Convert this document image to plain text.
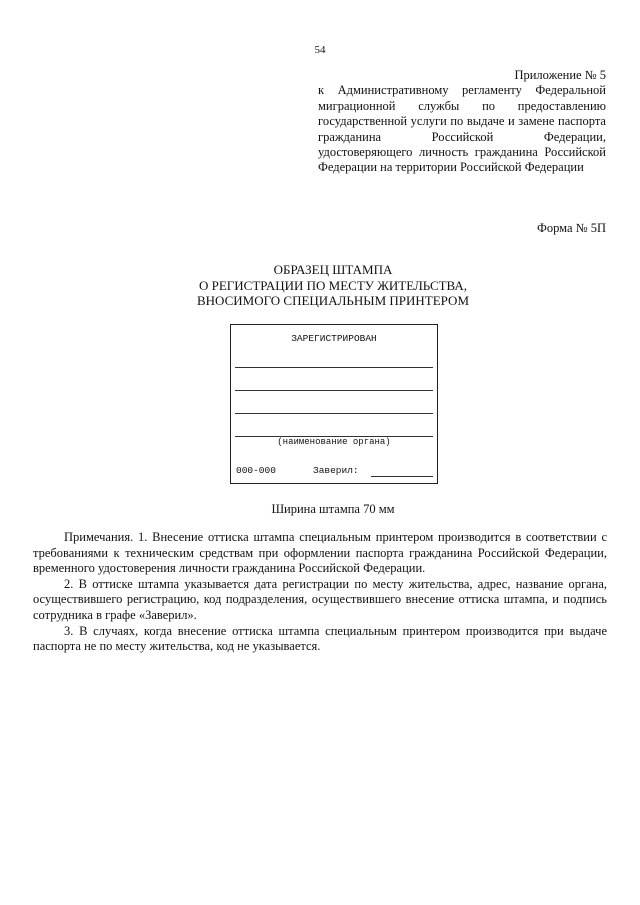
54
Приложение № 5
к Административному регламенту Федеральной миграционной службы по предоставлению государственной услуги по выдаче и замене паспорта гражданина Российской Федерации, удостоверяющего личность гражданина Российской Федерации на территории Российской Федерации
Форма № 5П
ОБРАЗЕЦ ШТАМПА
О РЕГИСТРАЦИИ ПО МЕСТУ ЖИТЕЛЬСТВА,
ВНОСИМОГО СПЕЦИАЛЬНЫМ ПРИНТЕРОМ
ЗАРЕГИСТРИРОВАН
(наименование органа)
000-000	Заверил:
Ширина штампа 70 мм

Примечания. 1. Внесение оттиска штампа специальным принтером производится в соответствии с требованиями к техническим средствам при оформлении паспорта гражданина Российской Федерации, временного удостоверения личности гражданина Российской Федерации.

2. В оттиске штампа указывается дата регистрации по месту жительства, адрес, название органа, осуществившего регистрацию, код подразделения, осуществившего внесение оттиска штампа, и подпись сотрудника в графе «Заверил».

3. В случаях, когда внесение оттиска штампа специальным принтером производится при выдаче паспорта не по месту жительства, код не указывается.
